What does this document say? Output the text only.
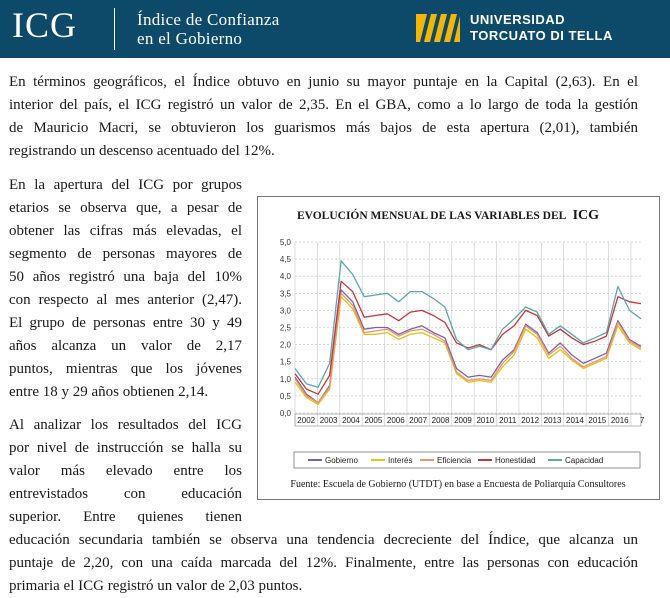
ICG	Índice de Confianza
en el Gobierno
UNIVERSIDAD
TORCUATO DI TELLA

En términos geográficos, el Índice obtuvo en junio su mayor puntaje en la Capital (2,63). En el

interior del país, el ICG registró un valor de 2,35. En el GBA, como a lo largo de toda la gestión

de Mauricio Macri, se obtuvieron los guarismos más bajos de esta apertura (2,01), también

registrando un descenso acentuado del 12%.

En la apertura del ICG por grupos

etarios se observa que, a pesar de

obtener las cifras más elevadas, el

segmento de personas mayores de

50 años registró una baja del 10%

con respecto al mes anterior (2,47).

El grupo de personas entre 30 y 49

años alcanza un valor de 2,17

puntos, mientras que los jóvenes

entre 18 y 29 años obtienen 2,14.

Al analizar los resultados del ICG

por nivel de instrucción se halla su

valor más elevado entre los

entrevistados con educación

superior. Entre quienes tienen

educación secundaria también se observa una tendencia decreciente del Índice, que alcanza un

puntaje de 2,20, con una caída marcada del 12%. Finalmente, entre las personas con educación

primaria el ICG registró un valor de 2,03 puntos.

EVOLUCIÓN MENSUAL DE LAS VARIABLES DEL ICG
5,0
4,5
4,0
3,5
3,0
2,5
2,0
1,5
1,0
0,5
0,0
2002 2003 2004 2005 2006 2007 2008 2009 2010 2011 2012 2013 2014 2015 2016 7
Gobierno	Interés	Eficiencia	Honestidad	Capacidad
Fuente: Escuela de Gobierno (UTDT) en base a Encuesta de Poliarquía Consultores
